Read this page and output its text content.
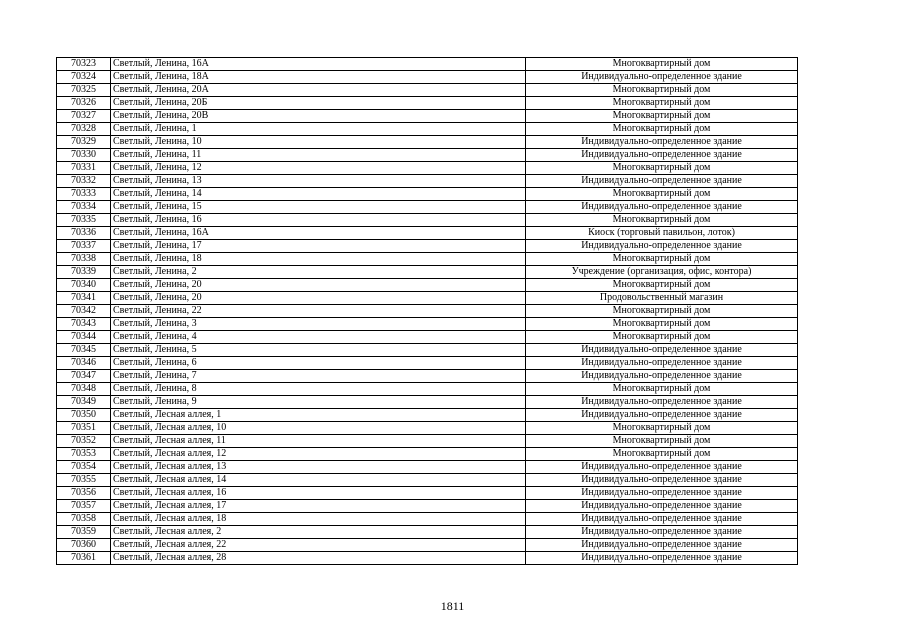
70323	Светлый, Ленина, 16А	Многоквартирный дом
70324	Светлый, Ленина, 18А	Индивидуально-определенное здание
70325	Светлый, Ленина, 20А	Многоквартирный дом
70326	Светлый, Ленина, 20Б	Многоквартирный дом
70327	Светлый, Ленина, 20В	Многоквартирный дом
70328	Светлый, Ленина, 1	Многоквартирный дом
70329	Светлый, Ленина, 10	Индивидуально-определенное здание
70330	Светлый, Ленина, 11	Индивидуально-определенное здание
70331	Светлый, Ленина, 12	Многоквартирный дом
70332	Светлый, Ленина, 13	Индивидуально-определенное здание
70333	Светлый, Ленина, 14	Многоквартирный дом
70334	Светлый, Ленина, 15	Индивидуально-определенное здание
70335	Светлый, Ленина, 16	Многоквартирный дом
70336	Светлый, Ленина, 16А	Киоск (торговый павильон, лоток)
70337	Светлый, Ленина, 17	Индивидуально-определенное здание
70338	Светлый, Ленина, 18	Многоквартирный дом
70339	Светлый, Ленина, 2	Учреждение (организация, офис, контора)
70340	Светлый, Ленина, 20	Многоквартирный дом
70341	Светлый, Ленина, 20	Продовольственный магазин
70342	Светлый, Ленина, 22	Многоквартирный дом
70343	Светлый, Ленина, 3	Многоквартирный дом
70344	Светлый, Ленина, 4	Многоквартирный дом
70345	Светлый, Ленина, 5	Индивидуально-определенное здание
70346	Светлый, Ленина, 6	Индивидуально-определенное здание
70347	Светлый, Ленина, 7	Индивидуально-определенное здание
70348	Светлый, Ленина, 8	Многоквартирный дом
70349	Светлый, Ленина, 9	Индивидуально-определенное здание
70350	Светлый, Лесная аллея, 1	Индивидуально-определенное здание
70351	Светлый, Лесная аллея, 10	Многоквартирный дом
70352	Светлый, Лесная аллея, 11	Многоквартирный дом
70353	Светлый, Лесная аллея, 12	Многоквартирный дом
70354	Светлый, Лесная аллея, 13	Индивидуально-определенное здание
70355	Светлый, Лесная аллея, 14	Индивидуально-определенное здание
70356	Светлый, Лесная аллея, 16	Индивидуально-определенное здание
70357	Светлый, Лесная аллея, 17	Индивидуально-определенное здание
70358	Светлый, Лесная аллея, 18	Индивидуально-определенное здание
70359	Светлый, Лесная аллея, 2	Индивидуально-определенное здание
70360	Светлый, Лесная аллея, 22	Индивидуально-определенное здание
70361	Светлый, Лесная аллея, 28	Индивидуально-определенное здание
1811
